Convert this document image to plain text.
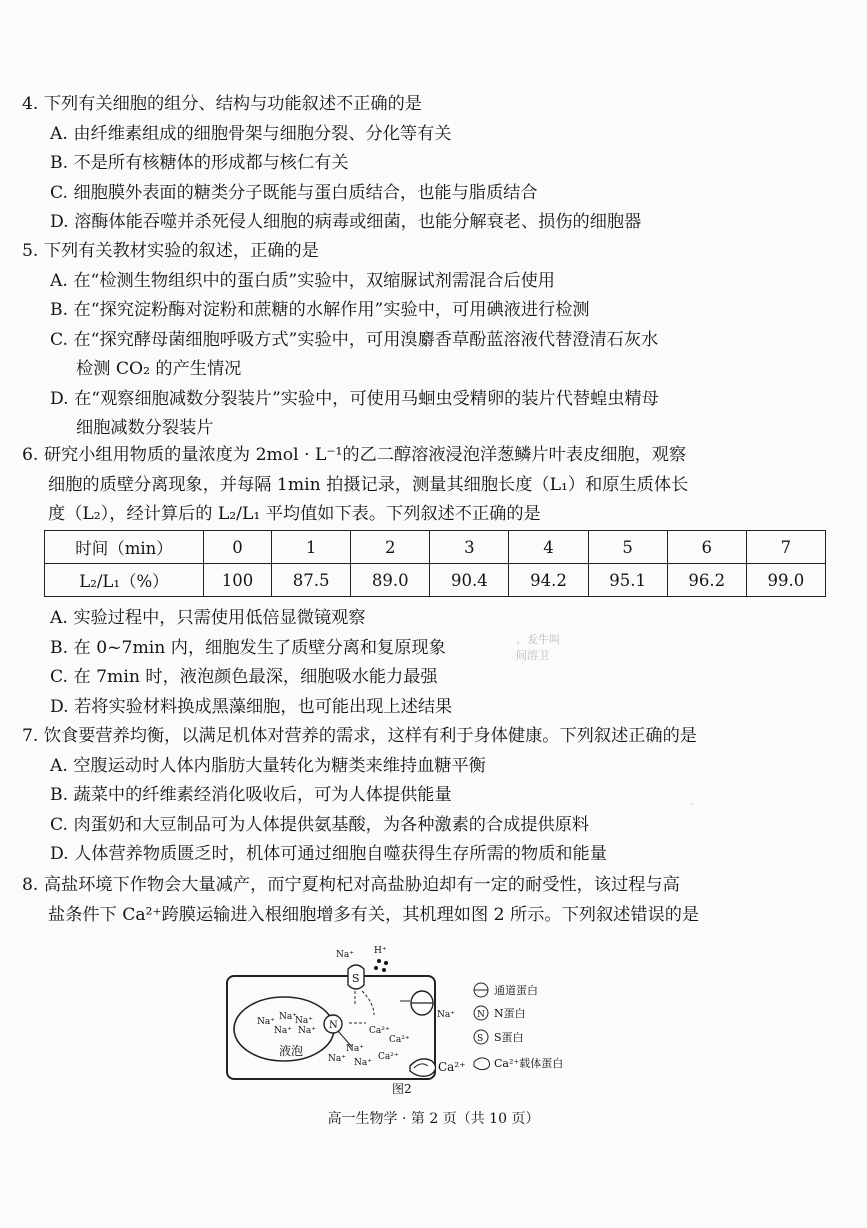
4. 下列有关细胞的组分、结构与功能叙述不正确的是
A. 由纤维素组成的细胞骨架与细胞分裂、分化等有关
B. 不是所有核糖体的形成都与核仁有关
C. 细胞膜外表面的糖类分子既能与蛋白质结合，也能与脂质结合
D. 溶酶体能吞噬并杀死侵人细胞的病毒或细菌，也能分解衰老、损伤的细胞器
5. 下列有关教材实验的叙述，正确的是
A. 在“检测生物组织中的蛋白质”实验中，双缩脲试剂需混合后使用
B. 在“探究淀粉酶对淀粉和蔗糖的水解作用”实验中，可用碘液进行检测
C. 在“探究酵母菌细胞呼吸方式”实验中，可用溴麝香草酚蓝溶液代替澄清石灰水
检测 CO₂ 的产生情况
D. 在“观察细胞减数分裂装片”实验中，可使用马蛔虫受精卵的装片代替蝗虫精母
细胞减数分裂装片
6. 研究小组用物质的量浓度为 2mol · L⁻¹的乙二醇溶液浸泡洋葱鳞片叶表皮细胞，观察
细胞的质壁分离现象，并每隔 1min 拍摄记录，测量其细胞长度（L₁）和原生质体长
度（L₂），经计算后的 L₂/L₁ 平均值如下表。下列叙述不正确的是
时间（min）	0	1	2	3	4	5	6	7
L₂/L₁（%）	100	87.5	89.0	90.4	94.2	95.1	96.2	99.0
A. 实验过程中，只需使用低倍显微镜观察
B. 在 0~7min 内，细胞发生了质壁分离和复原现象
C. 在 7min 时，液泡颜色最深，细胞吸水能力最强
D. 若将实验材料换成黑藻细胞，也可能出现上述结果
、叐牛叫
间溶卫
·
7. 饮食要营养均衡，以满足机体对营养的需求，这样有利于身体健康。下列叙述正确的是
A. 空腹运动时人体内脂肪大量转化为糖类来维持血糖平衡
B. 蔬菜中的纤维素经消化吸收后，可为人体提供能量
C. 肉蛋奶和大豆制品可为人体提供氨基酸，为各种激素的合成提供原料
D. 人体营养物质匮乏时，机体可通过细胞自噬获得生存所需的物质和能量
8. 高盐环境下作物会大量减产，而宁夏枸杞对高盐胁迫却有一定的耐受性，该过程与高
盐条件下 Ca²⁺跨膜运输进入根细胞增多有关，其机理如图 2 所示。下列叙述错误的是
液泡
Na⁺ Na⁺
Na⁺ Na⁺
Na⁺ N
Na⁺
Na⁺
Na⁺
S
Na⁺ H⁺
Ca²⁺
Ca²⁺
Ca²⁺
Na⁺
Ca²⁺
通道蛋白
N N蛋白
S S蛋白
Ca²⁺载体蛋白
图2
高一生物学 · 第 2 页（共 10 页）
